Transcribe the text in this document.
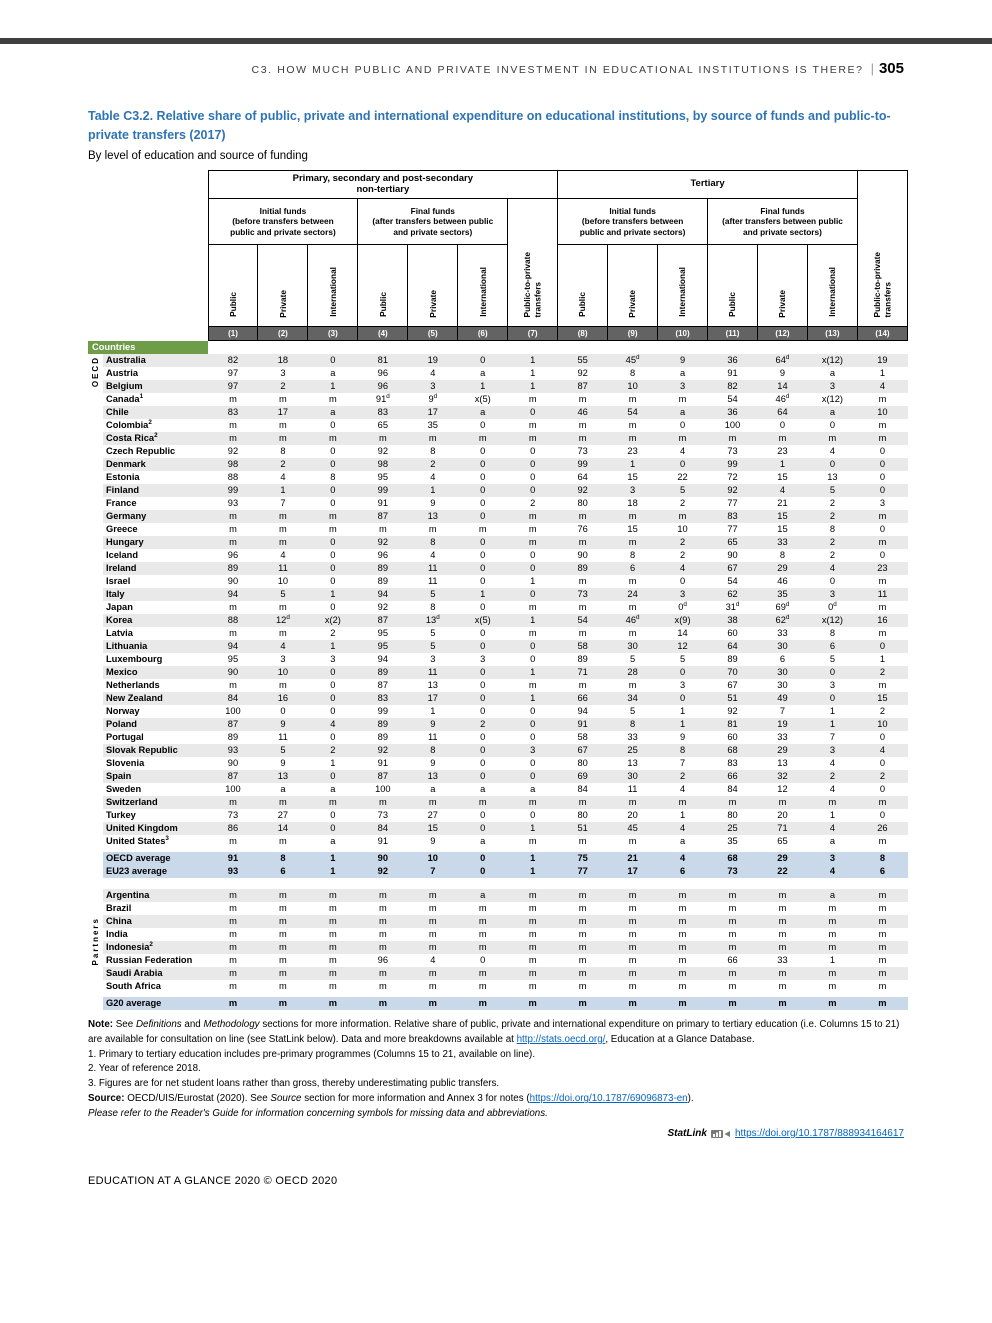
C3. HOW MUCH PUBLIC AND PRIVATE INVESTMENT IN EDUCATIONAL INSTITUTIONS IS THERE? | 305
Table C3.2. Relative share of public, private and international expenditure on educational institutions, by source of funds and public-to-private transfers (2017)
By level of education and source of funding
		Primary, secondary and post-secondary
non-tertiary							Tertiary						Public-to-private
transfers
		Initial funds
(before transfers between
public and private sectors)			Final funds
(after transfers between public
and private sectors)			Public-to-private
transfers	Initial funds
(before transfers between
public and private sectors)			Final funds
(after transfers between public
and private sectors)			
		Public	Private	International	Public	Private	International		Public	Private	International	Public	Private	International	
		(1)	(2)	(3)	(4)	(5)	(6)	(7)	(8)	(9)	(10)	(11)	(12)	(13)	(14)
Countries															
OECD	Australia	82	18	0	81	19	0	1	55	45$^d$	9	36	64$^d$	x(12)	19
	Austria	97	3	a	96	4	a	1	92	8	a	91	9	a	1
	Belgium	97	2	1	96	3	1	1	87	10	3	82	14	3	4
	Canada$^1$	m	m	m	91$^d$	9$^d$	x(5)	m	m	m	m	54	46$^d$	x(12)	m
	Chile	83	17	a	83	17	a	0	46	54	a	36	64	a	10
	Colombia$^2$	m	m	0	65	35	0	m	m	m	0	100	0	0	m
	Costa Rica$^2$	m	m	m	m	m	m	m	m	m	m	m	m	m	m
	Czech Republic	92	8	0	92	8	0	0	73	23	4	73	23	4	0
	Denmark	98	2	0	98	2	0	0	99	1	0	99	1	0	0
	Estonia	88	4	8	95	4	0	0	64	15	22	72	15	13	0
	Finland	99	1	0	99	1	0	0	92	3	5	92	4	5	0
	France	93	7	0	91	9	0	2	80	18	2	77	21	2	3
	Germany	m	m	m	87	13	0	m	m	m	m	83	15	2	m
	Greece	m	m	m	m	m	m	m	76	15	10	77	15	8	0
	Hungary	m	m	0	92	8	0	m	m	m	2	65	33	2	m
	Iceland	96	4	0	96	4	0	0	90	8	2	90	8	2	0
	Ireland	89	11	0	89	11	0	0	89	6	4	67	29	4	23
	Israel	90	10	0	89	11	0	1	m	m	0	54	46	0	m
	Italy	94	5	1	94	5	1	0	73	24	3	62	35	3	11
	Japan	m	m	0	92	8	0	m	m	m	0$^d$	31$^d$	69$^d$	0$^d$	m
	Korea	88	12$^d$	x(2)	87	13$^d$	x(5)	1	54	46$^d$	x(9)	38	62$^d$	x(12)	16
	Latvia	m	m	2	95	5	0	m	m	m	14	60	33	8	m
	Lithuania	94	4	1	95	5	0	0	58	30	12	64	30	6	0
	Luxembourg	95	3	3	94	3	3	0	89	5	5	89	6	5	1
	Mexico	90	10	0	89	11	0	1	71	28	0	70	30	0	2
	Netherlands	m	m	0	87	13	0	m	m	m	3	67	30	3	m
	New Zealand	84	16	0	83	17	0	1	66	34	0	51	49	0	15
	Norway	100	0	0	99	1	0	0	94	5	1	92	7	1	2
	Poland	87	9	4	89	9	2	0	91	8	1	81	19	1	10
	Portugal	89	11	0	89	11	0	0	58	33	9	60	33	7	0
	Slovak Republic	93	5	2	92	8	0	3	67	25	8	68	29	3	4
	Slovenia	90	9	1	91	9	0	0	80	13	7	83	13	4	0
	Spain	87	13	0	87	13	0	0	69	30	2	66	32	2	2
	Sweden	100	a	a	100	a	a	a	84	11	4	84	12	4	0
	Switzerland	m	m	m	m	m	m	m	m	m	m	m	m	m	m
	Turkey	73	27	0	73	27	0	0	80	20	1	80	20	1	0
	United Kingdom	86	14	0	84	15	0	1	51	45	4	25	71	4	26
	United States$^3$	m	m	a	91	9	a	m	m	m	a	35	65	a	m

	OECD average	91	8	1	90	10	0	1	75	21	4	68	29	3	8
	EU23 average	93	6	1	92	7	0	1	77	17	6	73	22	4	6

Partners	Argentina	m	m	m	m	m	a	m	m	m	m	m	m	a	m
	Brazil	m	m	m	m	m	m	m	m	m	m	m	m	m	m
	China	m	m	m	m	m	m	m	m	m	m	m	m	m	m
	India	m	m	m	m	m	m	m	m	m	m	m	m	m	m
	Indonesia$^2$	m	m	m	m	m	m	m	m	m	m	m	m	m	m
	Russian Federation	m	m	m	96	4	0	m	m	m	m	66	33	1	m
	Saudi Arabia	m	m	m	m	m	m	m	m	m	m	m	m	m	m
	South Africa	m	m	m	m	m	m	m	m	m	m	m	m	m	m

	G20 average	m	m	m	m	m	m	m	m	m	m	m	m	m	m
Note: See Definitions and Methodology sections for more information. Relative share of public, private and international expenditure on primary to tertiary education (i.e. Columns 15 to 21) are available for consultation on line (see StatLink below). Data and more breakdowns available at http://stats.oecd.org/, Education at a Glance Database.
1. Primary to tertiary education includes pre-primary programmes (Columns 15 to 21, available on line).
2. Year of reference 2018.
3. Figures are for net student loans rather than gross, thereby underestimating public transfers.
Source: OECD/UIS/Eurostat (2020). See Source section for more information and Annex 3 for notes (https://doi.org/10.1787/69096873-en).
Please refer to the Reader's Guide for information concerning symbols for missing data and abbreviations.
StatLink	https://doi.org/10.1787/888934164617
EDUCATION AT A GLANCE 2020 © OECD 2020
